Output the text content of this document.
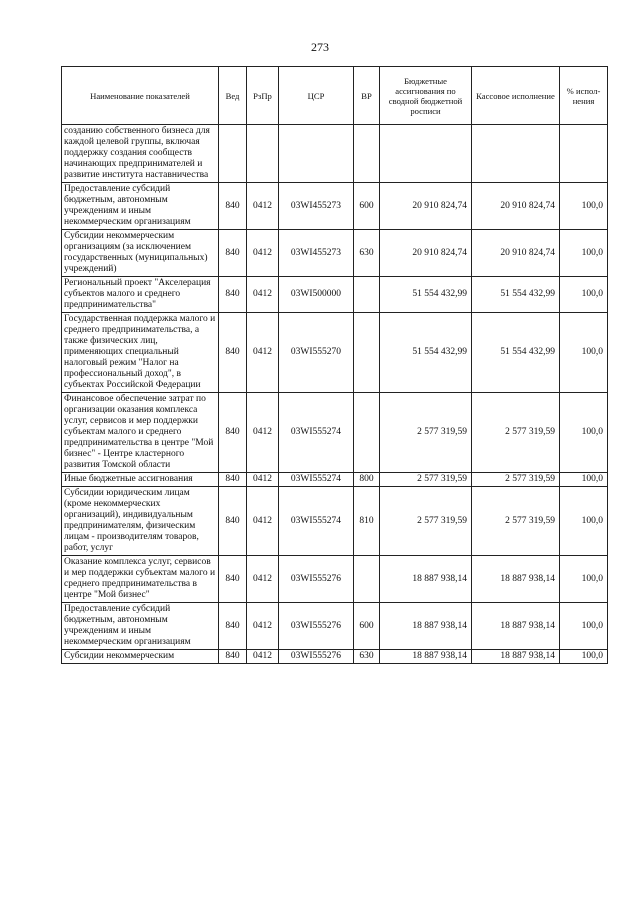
273
Наименование показателей	Вед	РзПр	ЦСР	ВР	Бюджетные ассигнования по сводной бюджетной росписи	Кассовое исполнение	% испол- нения
созданию собственного бизнеса для каждой целевой группы, включая поддержку создания сообществ начинающих предпринимателей и развитие института наставничества							
Предоставление субсидий бюджетным, автономным учреждениям и иным некоммерческим организациям	840	0412	03WI455273	600	20 910 824,74	20 910 824,74	100,0
Субсидии некоммерческим организациям (за исключением государственных (муниципальных) учреждений)	840	0412	03WI455273	630	20 910 824,74	20 910 824,74	100,0
Региональный проект "Акселерация субъектов малого и среднего предпринимательства"	840	0412	03WI500000		51 554 432,99	51 554 432,99	100,0
Государственная поддержка малого и среднего предпринимательства, а также физических лиц, применяющих специальный налоговый режим "Налог на профессиональный доход", в субъектах Российской Федерации	840	0412	03WI555270		51 554 432,99	51 554 432,99	100,0
Финансовое обеспечение затрат по организации оказания комплекса услуг, сервисов и мер поддержки субъектам малого и среднего предпринимательства в центре "Мой бизнес" - Центре кластерного развития Томской области	840	0412	03WI555274		2 577 319,59	2 577 319,59	100,0
Иные бюджетные ассигнования	840	0412	03WI555274	800	2 577 319,59	2 577 319,59	100,0
Субсидии юридическим лицам (кроме некоммерческих организаций), индивидуальным предпринимателям, физическим лицам - производителям товаров, работ, услуг	840	0412	03WI555274	810	2 577 319,59	2 577 319,59	100,0
Оказание комплекса услуг, сервисов и мер поддержки субъектам малого и среднего предпринимательства в центре "Мой бизнес"	840	0412	03WI555276		18 887 938,14	18 887 938,14	100,0
Предоставление субсидий бюджетным, автономным учреждениям и иным некоммерческим организациям	840	0412	03WI555276	600	18 887 938,14	18 887 938,14	100,0
Субсидии некоммерческим	840	0412	03WI555276	630	18 887 938,14	18 887 938,14	100,0
